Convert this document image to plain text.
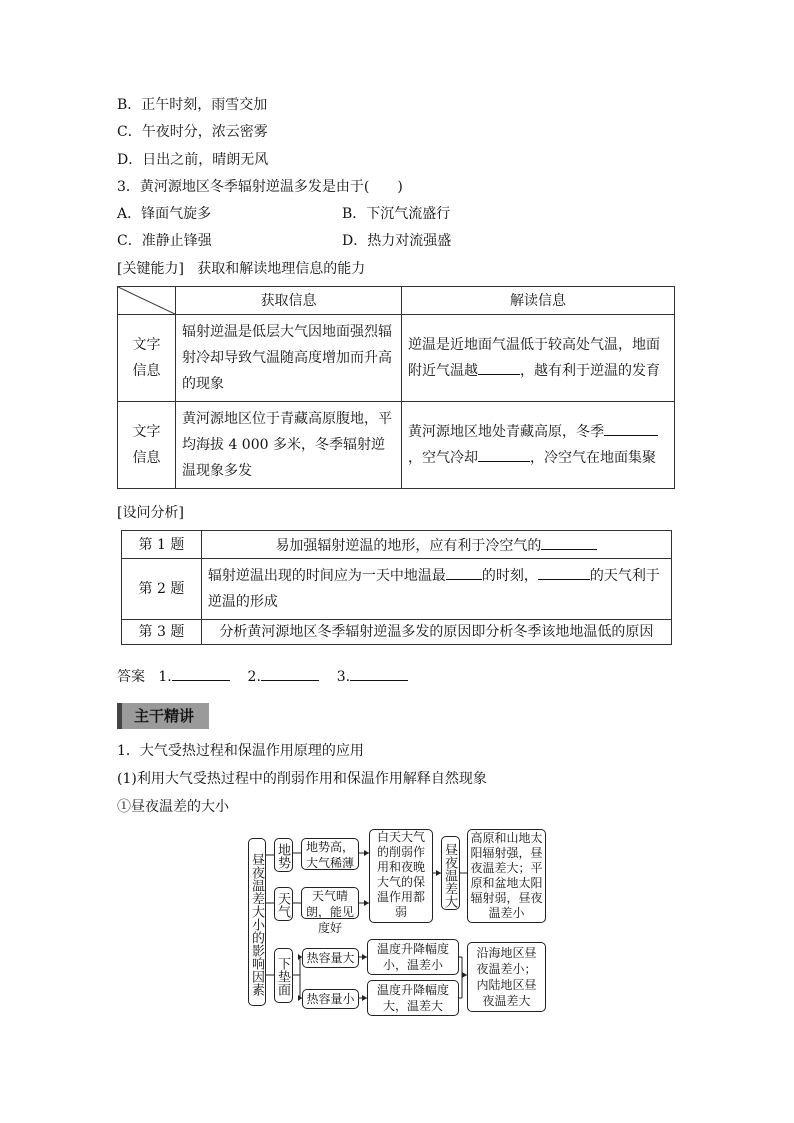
B．正午时刻，雨雪交加
C．午夜时分，浓云密雾
D．日出之前，晴朗无风
3．黄河源地区冬季辐射逆温多发是由于(　　)
A．锋面气旋多	B．下沉气流盛行
C．准静止锋强	D．热力对流强盛
[关键能力] 获取和解读地理信息的能力
	获取信息	解读信息
文字信息	辐射逆温是低层大气因地面强烈辐射冷却导致气温随高度增加而升高的现象	逆温是近地面气温低于较高处气温，地面附近气温越 ，越有利于逆温的发育
文字信息	黄河源地区位于青藏高原腹地，平均海拔 4 000 多米，冬季辐射逆温现象多发	黄河源地区地处青藏高原，冬季，空气冷却 ，冷空气在地面集聚
[设问分析]
第 1 题	易加强辐射逆温的地形，应有利于冷空气的
第 2 题	辐射逆温出现的时间应为一天中地温最 的时刻， 的天气利于逆温的形成
第 3 题	分析黄河源地区冬季辐射逆温多发的原因即分析冬季该地地温低的原因
答案 1.	2.	3.
主干精讲
1．大气受热过程和保温作用原理的应用
(1)利用大气受热过程中的削弱作用和保温作用解释自然现象
①昼夜温差的大小
昼夜温差大小的影响因素 地势	地势高，大气稀薄
天气	天气晴朗，能见度好
白天大气的削弱作用和夜晚大气的保温作用都弱
昼夜温差大
高原和山地太阳辐射强，昼夜温差大；平原和盆地太阳辐射弱，昼夜温差小
下垫面	热容量大
温度升降幅度小，温差小
热容量小
温度升降幅度大，温差大
沿海地区昼夜温差小；内陆地区昼夜温差大
